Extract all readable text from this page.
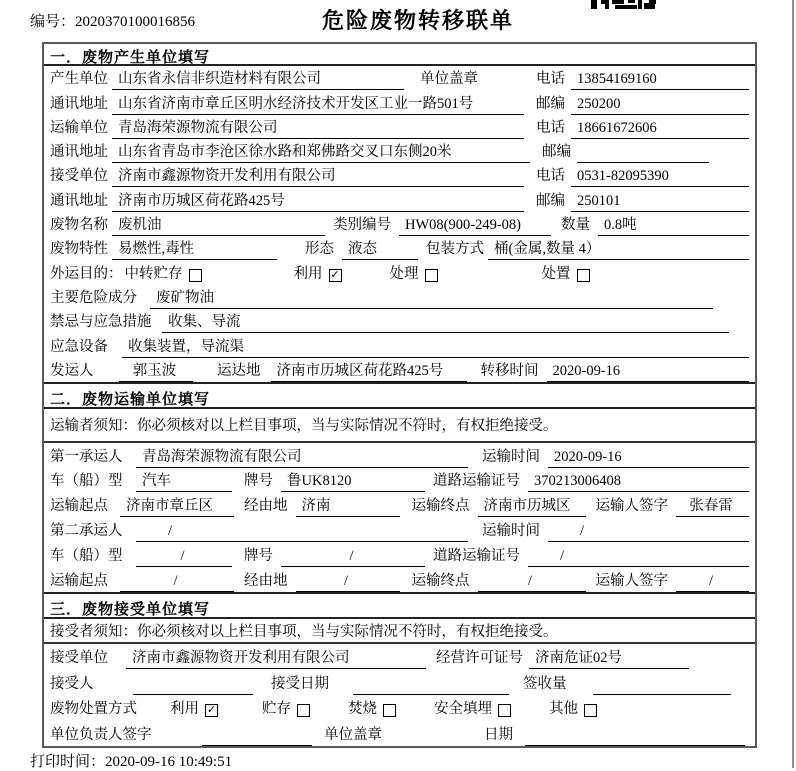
编号：2020370100016856	危险废物转移联单
一．废物产生单位填写
产生单位 山东省永信非织造材料有限公司	单位盖章	电话 13854169160
通讯地址 山东省济南市章丘区明水经济技术开发区工业一路501号	邮编 250200
运输单位 青岛海荣源物流有限公司	电话 18661672606
通讯地址 山东省青岛市李沧区徐水路和郑佛路交叉口东侧20米	邮编
接受单位 济南市鑫源物资开发利用有限公司	电话 0531-82095390
通讯地址 济南市历城区荷花路425号	邮编 250101
废物名称 废机油	类别编号 HW08(900-249-08)	数量 0.8吨
废物特性 易燃性,毒性	形态 液态	包装方式 桶(金属,数量 4）
外运目的： 中转贮存	利用 ✓	处理	处置
主要危险成分	废矿物油
禁忌与应急措施	收集、导流
应急设备	收集装置，导流渠
发运人	郭玉波	运达地	济南市历城区荷花路425号	转移时间 2020-09-16
二．废物运输单位填写
运输者须知：你必须核对以上栏目事项，当与实际情况不符时，有权拒绝接受。
第一承运人	青岛海荣源物流有限公司	运输时间 2020-09-16
车（船）型	汽车	牌号 鲁UK8120	道路运输证号 370213006408
运输起点	济南市章丘区	经由地 济南	运输终点 济南市历城区	运输人签字	张春雷
第二承运人	/	运输时间	/
车（船）型	/	牌号	/	道路运输证号	/
运输起点	/	经由地	/	运输终点	/	运输人签字	/
三．废物接受单位填写
接受者须知：你必须核对以上栏目事项，当与实际情况不符时，有权拒绝接受。
接受单位	济南市鑫源物资开发利用有限公司	经营许可证号 济南危证02号
接受人	接受日期	签收量
废物处置方式	利用 ✓	贮存	焚烧	安全填埋	其他
单位负责人签字	单位盖章	日期
打印时间：2020-09-16 10:49:51
